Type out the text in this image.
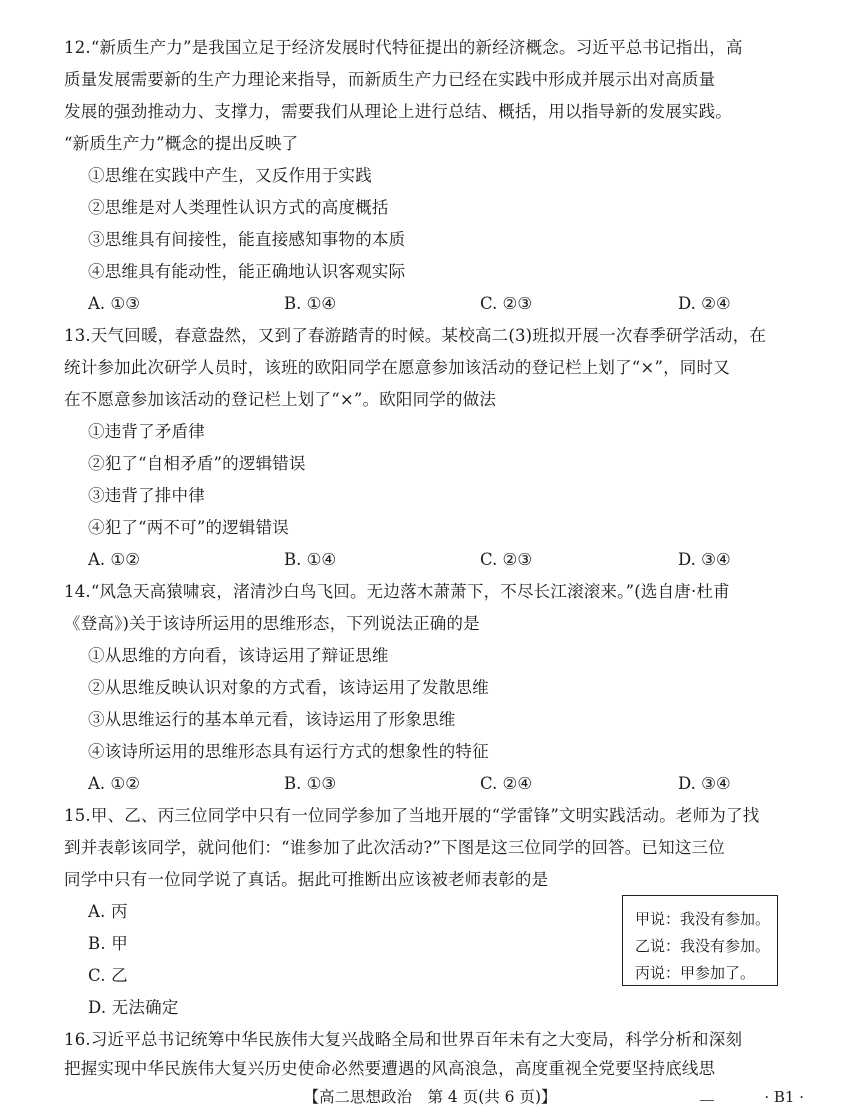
12.“新质生产力”是我国立足于经济发展时代特征提出的新经济概念。习近平总书记指出，高
质量发展需要新的生产力理论来指导，而新质生产力已经在实践中形成并展示出对高质量
发展的强劲推动力、支撑力，需要我们从理论上进行总结、概括，用以指导新的发展实践。
“新质生产力”概念的提出反映了
①思维在实践中产生，又反作用于实践
②思维是对人类理性认识方式的高度概括
③思维具有间接性，能直接感知事物的本质
④思维具有能动性，能正确地认识客观实际
A. ①③	B. ①④	C. ②③	D. ②④
13.天气回暖，春意盎然，又到了春游踏青的时候。某校高二(3)班拟开展一次春季研学活动，在
统计参加此次研学人员时，该班的欧阳同学在愿意参加该活动的登记栏上划了“×”，同时又
在不愿意参加该活动的登记栏上划了“×”。欧阳同学的做法
①违背了矛盾律
②犯了“自相矛盾”的逻辑错误
③违背了排中律
④犯了“两不可”的逻辑错误
A. ①②	B. ①④	C. ②③	D. ③④
14.“风急天高猿啸哀，渚清沙白鸟飞回。无边落木萧萧下，不尽长江滚滚来。”(选自唐·杜甫
《登高》)关于该诗所运用的思维形态，下列说法正确的是
①从思维的方向看，该诗运用了辩证思维
②从思维反映认识对象的方式看，该诗运用了发散思维
③从思维运行的基本单元看，该诗运用了形象思维
④该诗所运用的思维形态具有运行方式的想象性的特征
A. ①②	B. ①③	C. ②④	D. ③④
15.甲、乙、丙三位同学中只有一位同学参加了当地开展的“学雷锋”文明实践活动。老师为了找
到并表彰该同学，就问他们：“谁参加了此次活动?”下图是这三位同学的回答。已知这三位
同学中只有一位同学说了真话。据此可推断出应该被老师表彰的是
A. 丙
B. 甲
C. 乙
D. 无法确定
甲说：我没有参加。
乙说：我没有参加。
丙说：甲参加了。
16.习近平总书记统筹中华民族伟大复兴战略全局和世界百年未有之大变局，科学分析和深刻
把握实现中华民族伟大复兴历史使命必然要遭遇的风高浪急，高度重视全党要坚持底线思
【高二思想政治　第 4 页(共 6 页)】	· B1 ·
